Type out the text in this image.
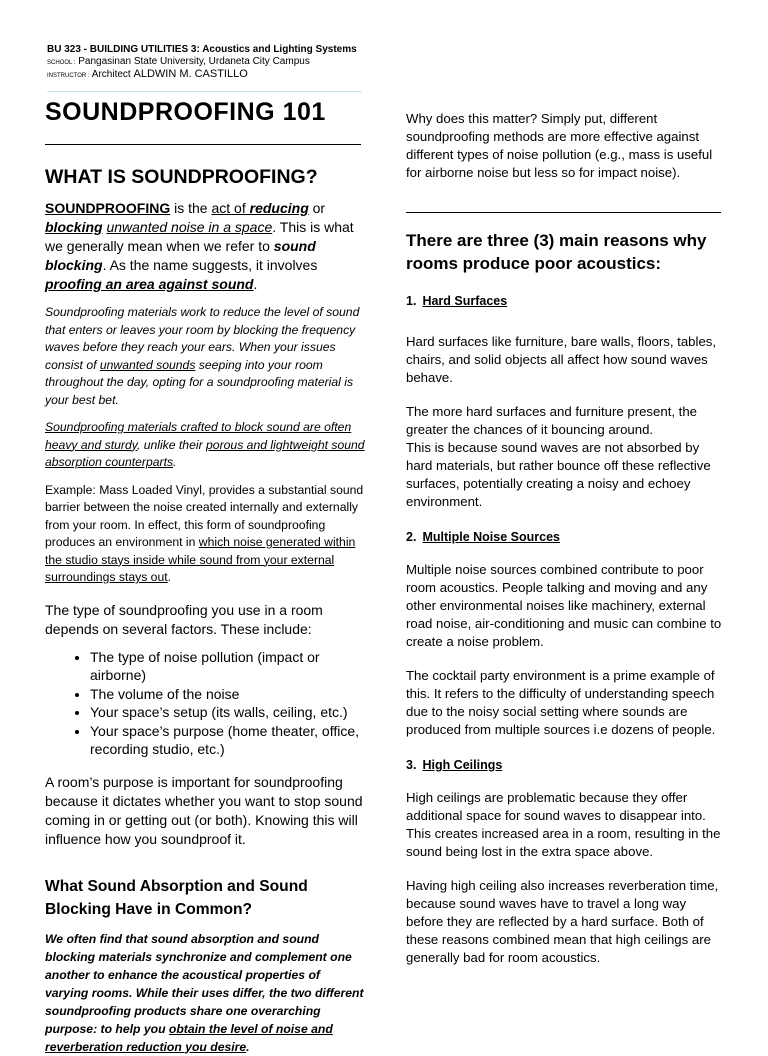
BU 323 - BUILDING UTILITIES 3: Acoustics and Lighting Systems

SCHOOL : Pangasinan State University, Urdaneta City Campus

INSTRUCTOR : Architect ALDWIN M. CASTILLO

SOUNDPROOFING 101
WHAT IS SOUNDPROOFING?

SOUNDPROOFING is the act of reducing or blocking unwanted noise in a space. This is what we generally mean when we refer to sound blocking. As the name suggests, it involves proofing an area against sound.

Soundproofing materials work to reduce the level of sound that enters or leaves your room by blocking the frequency waves before they reach your ears. When your issues consist of unwanted sounds seeping into your room throughout the day, opting for a soundproofing material is your best bet.

Soundproofing materials crafted to block sound are often heavy and sturdy, unlike their porous and lightweight sound absorption counterparts.

Example: Mass Loaded Vinyl, provides a substantial sound barrier between the noise created internally and externally from your room. In effect, this form of soundproofing produces an environment in which noise generated within the studio stays inside while sound from your external surroundings stays out.

The type of soundproofing you use in a room depends on several factors. These include:

• The type of noise pollution (impact or airborne)
• The volume of the noise
• Your space’s setup (its walls, ceiling, etc.)
• Your space’s purpose (home theater, office, recording studio, etc.)

A room’s purpose is important for soundproofing because it dictates whether you want to stop sound coming in or getting out (or both). Knowing this will influence how you soundproof it.

What Sound Absorption and Sound Blocking Have in Common?

We often find that sound absorption and sound blocking materials synchronize and complement one another to enhance the acoustical properties of varying rooms. While their uses differ, the two different soundproofing products share one overarching purpose: to help you obtain the level of noise and reverberation reduction you desire.

Why does this matter? Simply put, different soundproofing methods are more effective against different types of noise pollution (e.g., mass is useful for airborne noise but less so for impact noise).

There are three (3) main reasons why rooms produce poor acoustics:

1. Hard Surfaces

Hard surfaces like furniture, bare walls, floors, tables, chairs, and solid objects all affect how sound waves behave.

The more hard surfaces and furniture present, the greater the chances of it bouncing around.
This is because sound waves are not absorbed by hard materials, but rather bounce off these reflective surfaces, potentially creating a noisy and echoey environment.

2. Multiple Noise Sources

Multiple noise sources combined contribute to poor room acoustics. People talking and moving and any other environmental noises like machinery, external road noise, air-conditioning and music can combine to create a noise problem.

The cocktail party environment is a prime example of this. It refers to the difficulty of understanding speech due to the noisy social setting where sounds are produced from multiple sources i.e dozens of people.

3. High Ceilings

High ceilings are problematic because they offer additional space for sound waves to disappear into.
This creates increased area in a room, resulting in the sound being lost in the extra space above.

Having high ceiling also increases reverberation time, because sound waves have to travel a long way before they are reflected by a hard surface. Both of these reasons combined mean that high ceilings are generally bad for room acoustics.
